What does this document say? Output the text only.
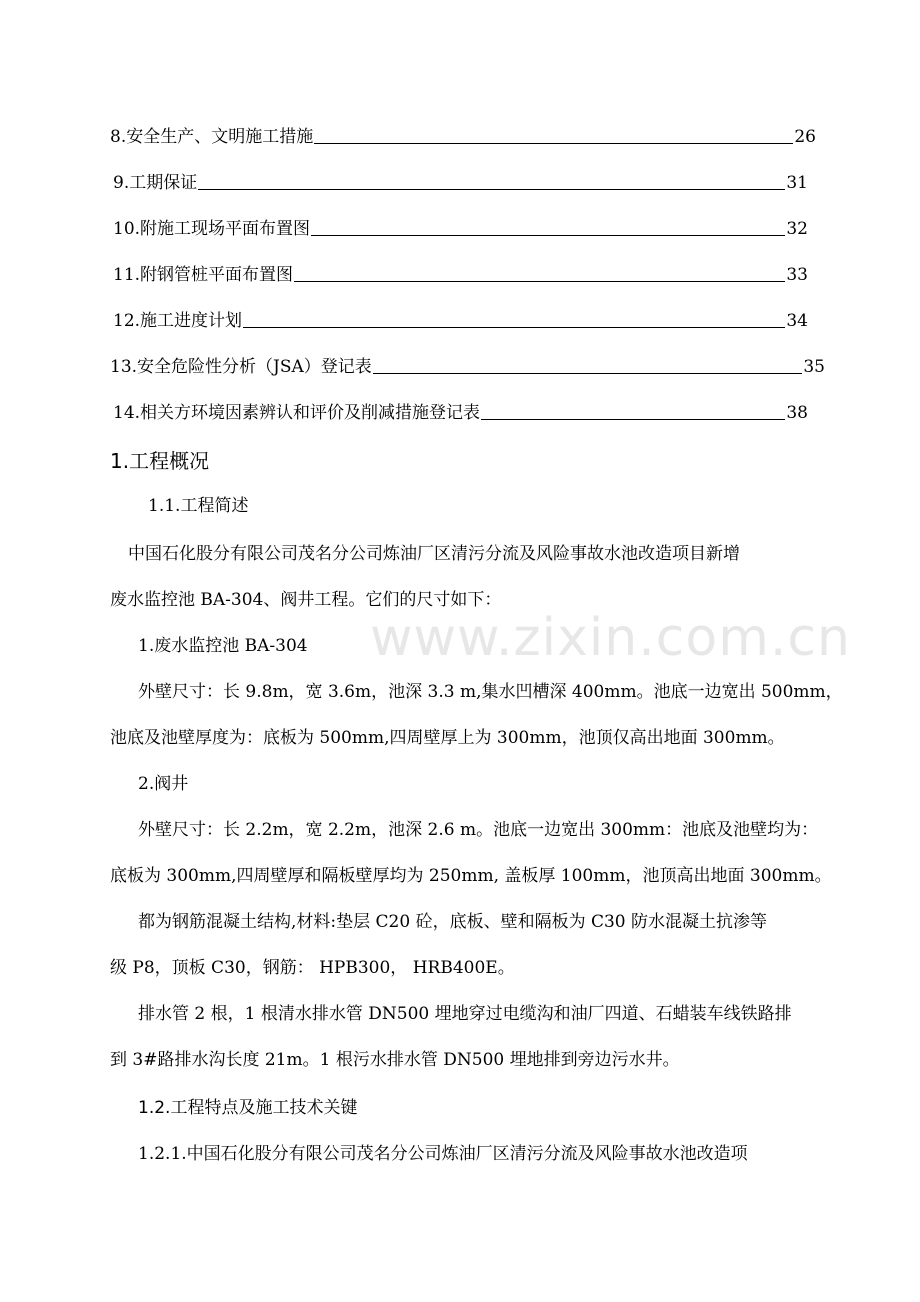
www.zixin.com.cn
8.安全生产、文明施工措施	26
9.工期保证	31
10.附施工现场平面布置图	32
11.附钢管桩平面布置图	33
12.施工进度计划	34
13.安全危险性分析（JSA）登记表	35
14.相关方环境因素辨认和评价及削减措施登记表	38
1.工程概况
1.1.工程简述
中国石化股分有限公司茂名分公司炼油厂区清污分流及风险事故水池改造项目新增
废水监控池 BA-304、阀井工程。它们的尺寸如下：
1.废水监控池 BA-304
外壁尺寸：长 9.8m，宽 3.6m，池深 3.3 m,集水凹槽深 400mm。池底一边宽出 500mm，
池底及池壁厚度为：底板为 500mm,四周壁厚上为 300mm，池顶仅高出地面 300mm。
2.阀井
外壁尺寸：长 2.2m，宽 2.2m，池深 2.6 m。池底一边宽出 300mm：池底及池壁均为：
底板为 300mm,四周壁厚和隔板壁厚均为 250mm, 盖板厚 100mm，池顶高出地面 300mm。
都为钢筋混凝土结构,材料:垫层 C20 砼，底板、壁和隔板为 C30 防水混凝土抗渗等
级 P8，顶板 C30，钢筋： HPB300， HRB400E。
排水管 2 根，1 根清水排水管 DN500 埋地穿过电缆沟和油厂四道、石蜡装车线铁路排
到 3#路排水沟长度 21m。1 根污水排水管 DN500 埋地排到旁边污水井。
1.2.工程特点及施工技术关键
1.2.1.中国石化股分有限公司茂名分公司炼油厂区清污分流及风险事故水池改造项
